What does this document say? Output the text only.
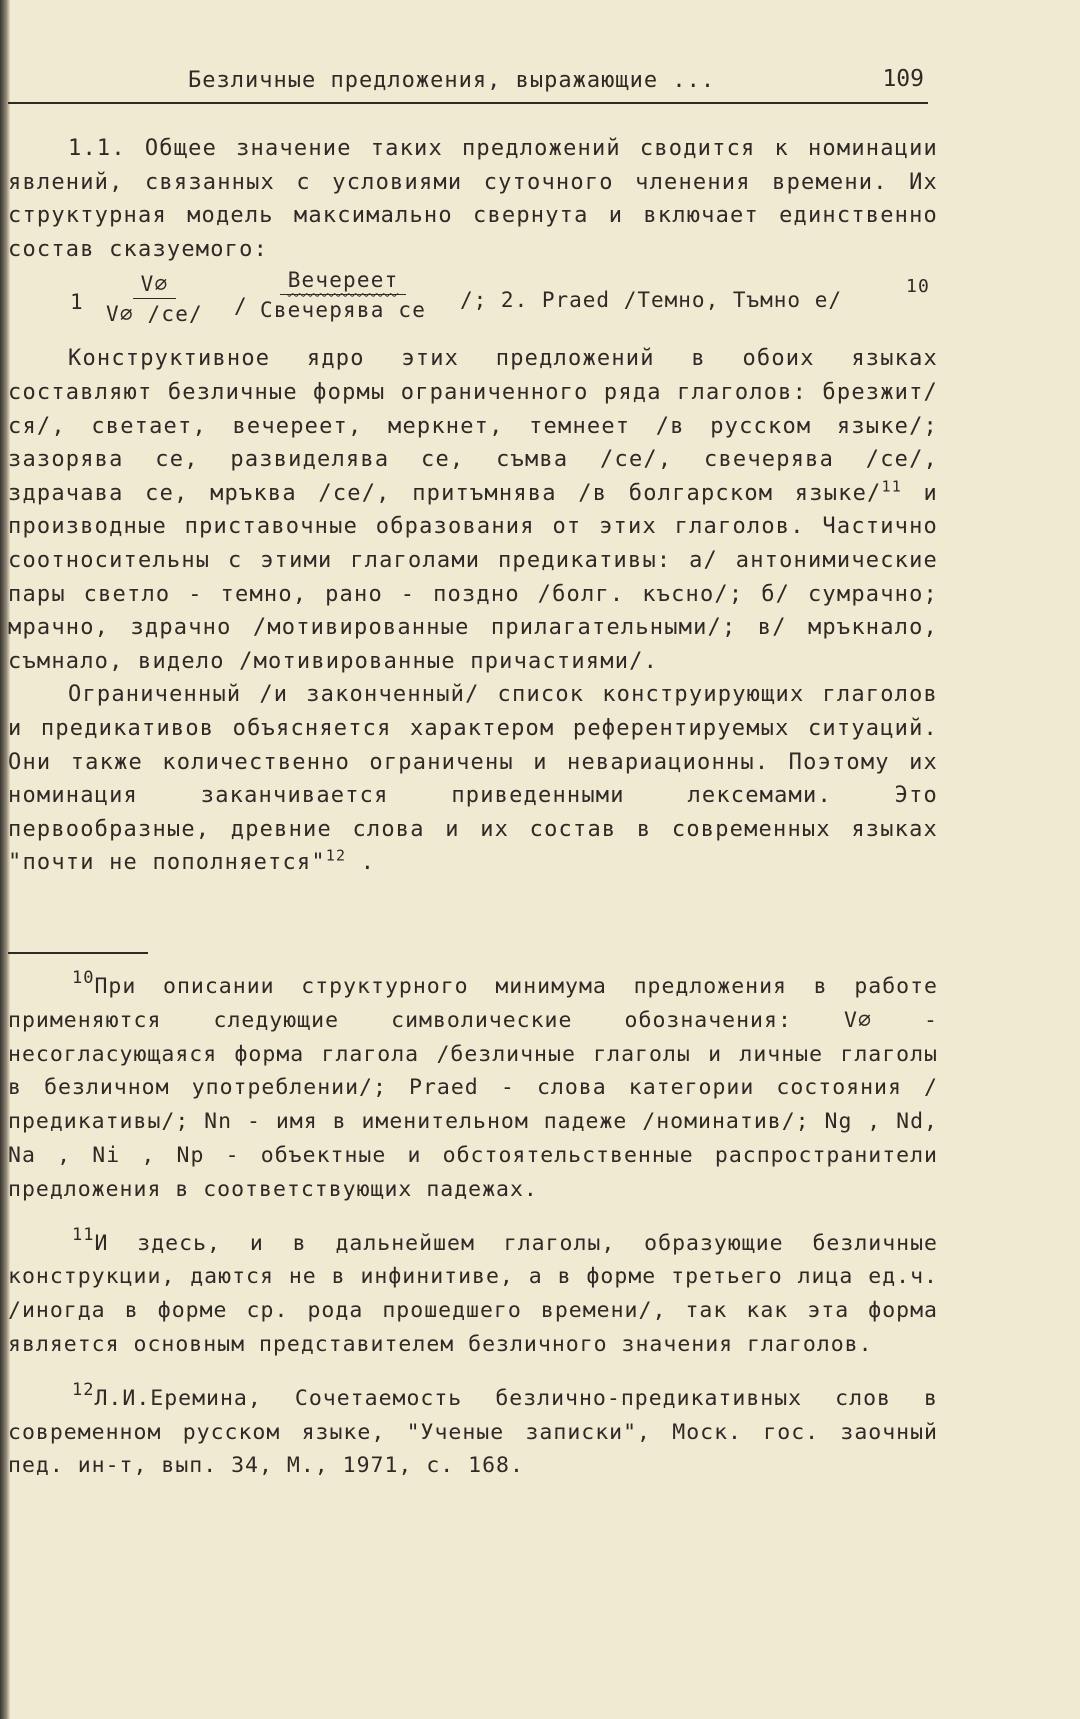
Безличные предложения, выражающие ...	109

1.1. Общее значение таких предложений сводится к номинации явлений, связанных с условиями суточного членения времени. Их структурная модель максимально свернута и включает единственно состав сказуемого:

1
V∅
V∅ /се/	/
Вечереет
Свечерява се	/; 2. Praed /Темно, Тъмно е/
10

Конструктивное ядро этих предложений в обоих языках составляют безличные формы ограниченного ряда глаголов: брезжит/ся/, светает, вечереет, меркнет, темнеет /в русском языке/; зазорява се, развиделява се, съмва /се/, свечерява /се/, здрачава се, мръква /се/, притъмнява /в болгарском языке/$^{11}$ и производные приставочные образования от этих глаголов. Частично соотносительны с этими глаголами предикативы: а/ антонимические пары светло - темно, рано - поздно /болг. късно/; б/ сумрачно; мрачно, здрачно /мотивированные прилагательными/; в/ мръкнало, съмнало, видело /мотивированные причастиями/.

Ограниченный /и законченный/ список конструирующих глаголов и предикативов объясняется характером референтируемых ситуаций. Они также количественно ограничены и невариационны. Поэтому их номинация заканчивается приведенными лексемами. Это первообразные, древние слова и их состав в современных языках "почти не пополняется"$^{12}$ .

$^{10}$При описании структурного минимума предложения в работе применяются следующие символические обозначения: V∅ - несогласующаяся форма глагола /безличные глаголы и личные глаголы в безличном употреблении/; Praed - слова категории состояния /предикативы/; Nn - имя в именительном падеже /номинатив/; Ng , Nd, Na , Ni , Np - объектные и обстоятельственные распространители предложения в соответствующих падежах.

$^{11}$И здесь, и в дальнейшем глаголы, образующие безличные конструкции, даются не в инфинитиве, а в форме третьего лица ед.ч. /иногда в форме ср. рода прошедшего времени/, так как эта форма является основным представителем безличного значения глаголов.

$^{12}$Л.И.Еремина, Сочетаемость безлично-предикативных слов в современном русском языке, "Ученые записки", Моск. гос. заочный пед. ин-т, вып. 34, М., 1971, с. 168.
